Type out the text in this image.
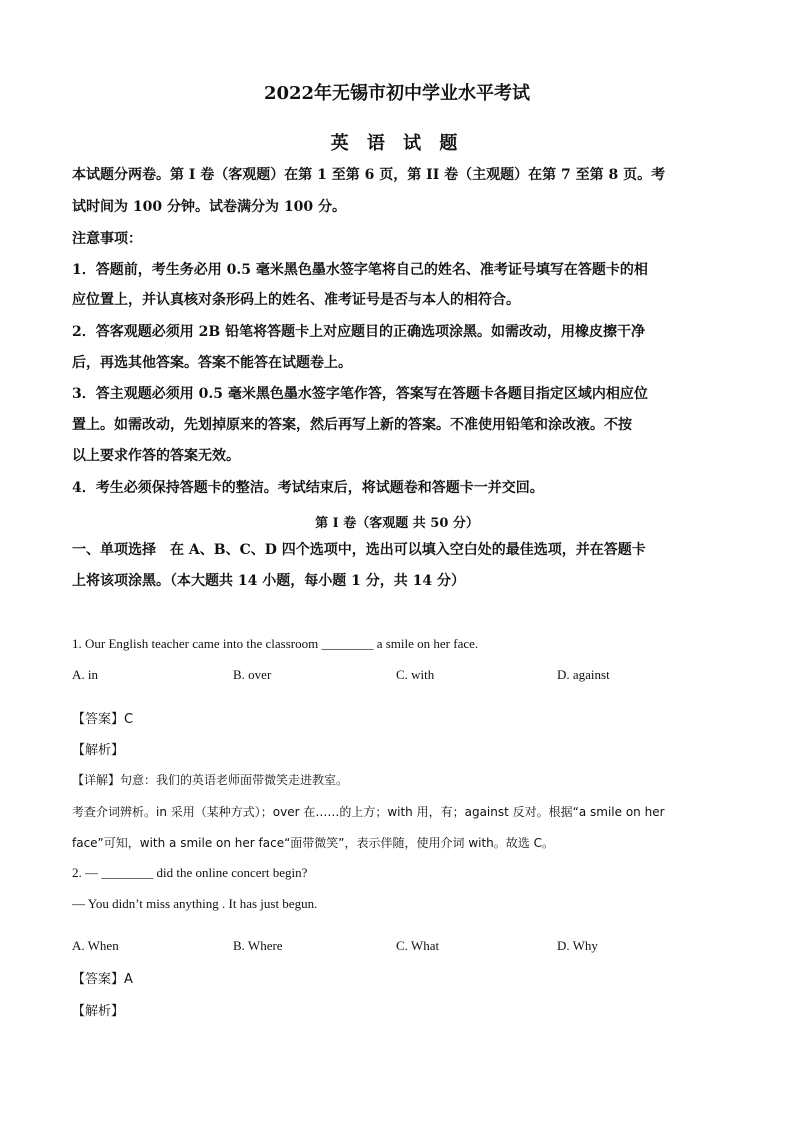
2022年无锡市初中学业水平考试
英 语 试 题
本试题分两卷。第 I 卷（客观题）在第 1 至第 6 页，第 II 卷（主观题）在第 7 至第 8 页。考
试时间为 100 分钟。试卷满分为 100 分。
注意事项：
1．答题前，考生务必用 0.5 毫米黑色墨水签字笔将自己的姓名、准考证号填写在答题卡的相
应位置上，并认真核对条形码上的姓名、准考证号是否与本人的相符合。
2．答客观题必须用 2B 铅笔将答题卡上对应题目的正确选项涂黑。如需改动，用橡皮擦干净
后，再选其他答案。答案不能答在试题卷上。
3．答主观题必须用 0.5 毫米黑色墨水签字笔作答，答案写在答题卡各题目指定区域内相应位
置上。如需改动，先划掉原来的答案，然后再写上新的答案。不准使用铅笔和涂改液。不按
以上要求作答的答案无效。
4．考生必须保持答题卡的整洁。考试结束后，将试题卷和答题卡一并交回。
第 I 卷（客观题 共 50 分）
一、单项选择　在 A、B、C、D 四个选项中，选出可以填入空白处的最佳选项，并在答题卡
上将该项涂黑。（本大题共 14 小题，每小题 1 分，共 14 分）
1. Our English teacher came into the classroom ________ a smile on her face.
A. in	B. over	C. with	D. against
【答案】C
【解析】
【详解】句意：我们的英语老师面带微笑走进教室。
考查介词辨析。in 采用（某种方式）；over 在……的上方；with 用，有；against 反对。根据“a smile on her
face”可知，with a smile on her face“面带微笑”，表示伴随，使用介词 with。故选 C。
2. — ________ did the online concert begin?
— You didn’t miss anything . It has just begun.
A. When	B. Where	C. What	D. Why
【答案】A
【解析】
